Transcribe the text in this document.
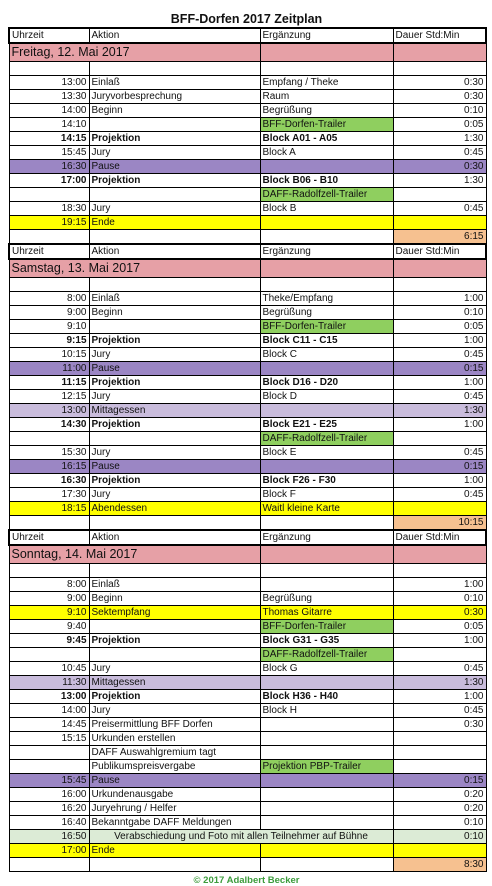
BFF-Dorfen 2017 Zeitplan
Uhrzeit	Aktion	Ergänzung	Dauer Std:Min
Freitag, 12. Mai 2017			

13:00	Einlaß	Empfang / Theke	0:30
13:30	Juryvorbesprechung	Raum	0:30
14:00	Beginn	Begrüßung	0:10
14:10		BFF-Dorfen-Trailer	0:05
14:15	Projektion	Block A01 - A05	1:30
15:45	Jury	Block A	0:45
16:30	Pause		0:30
17:00	Projektion	Block B06 - B10	1:30
		DAFF-Radolfzell-Trailer	
18:30	Jury	Block B	0:45
19:15	Ende		
			6:15
Uhrzeit	Aktion	Ergänzung	Dauer Std:Min
Samstag, 13. Mai 2017			

8:00	Einlaß	Theke/Empfang	1:00
9:00	Beginn	Begrüßung	0:10
9:10		BFF-Dorfen-Trailer	0:05
9:15	Projektion	Block C11 - C15	1:00
10:15	Jury	Block C	0:45
11:00	Pause		0:15
11:15	Projektion	Block D16 - D20	1:00
12:15	Jury	Block D	0:45
13:00	Mittagessen		1:30
14:30	Projektion	Block E21 - E25	1:00
		DAFF-Radolfzell-Trailer	
15:30	Jury	Block E	0:45
16:15	Pause		0:15
16:30	Projektion	Block F26 - F30	1:00
17:30	Jury	Block F	0:45
18:15	Abendessen	Waitl kleine Karte	
			10:15
Uhrzeit	Aktion	Ergänzung	Dauer Std:Min
Sonntag, 14. Mai 2017			

8:00	Einlaß		1:00
9:00	Beginn	Begrüßung	0:10
9:10	Sektempfang	Thomas Gitarre	0:30
9:40		BFF-Dorfen-Trailer	0:05
9:45	Projektion	Block G31 - G35	1:00
		DAFF-Radolfzell-Trailer	
10:45	Jury	Block G	0:45
11:30	Mittagessen		1:30
13:00	Projektion	Block H36 - H40	1:00
14:00	Jury	Block H	0:45
14:45	Preisermittlung BFF Dorfen		0:30
15:15	Urkunden erstellen		
	DAFF Auswahlgremium tagt		
	Publikumspreisvergabe	Projektion PBP-Trailer	
15:45	Pause		0:15
16:00	Urkundenausgabe		0:20
16:20	Juryehrung / Helfer		0:20
16:40	Bekanntgabe DAFF Meldungen		0:10
16:50	Verabschiedung und Foto mit allen Teilnehmer auf Bühne		0:10
17:00	Ende		
			8:30
© 2017 Adalbert Becker
